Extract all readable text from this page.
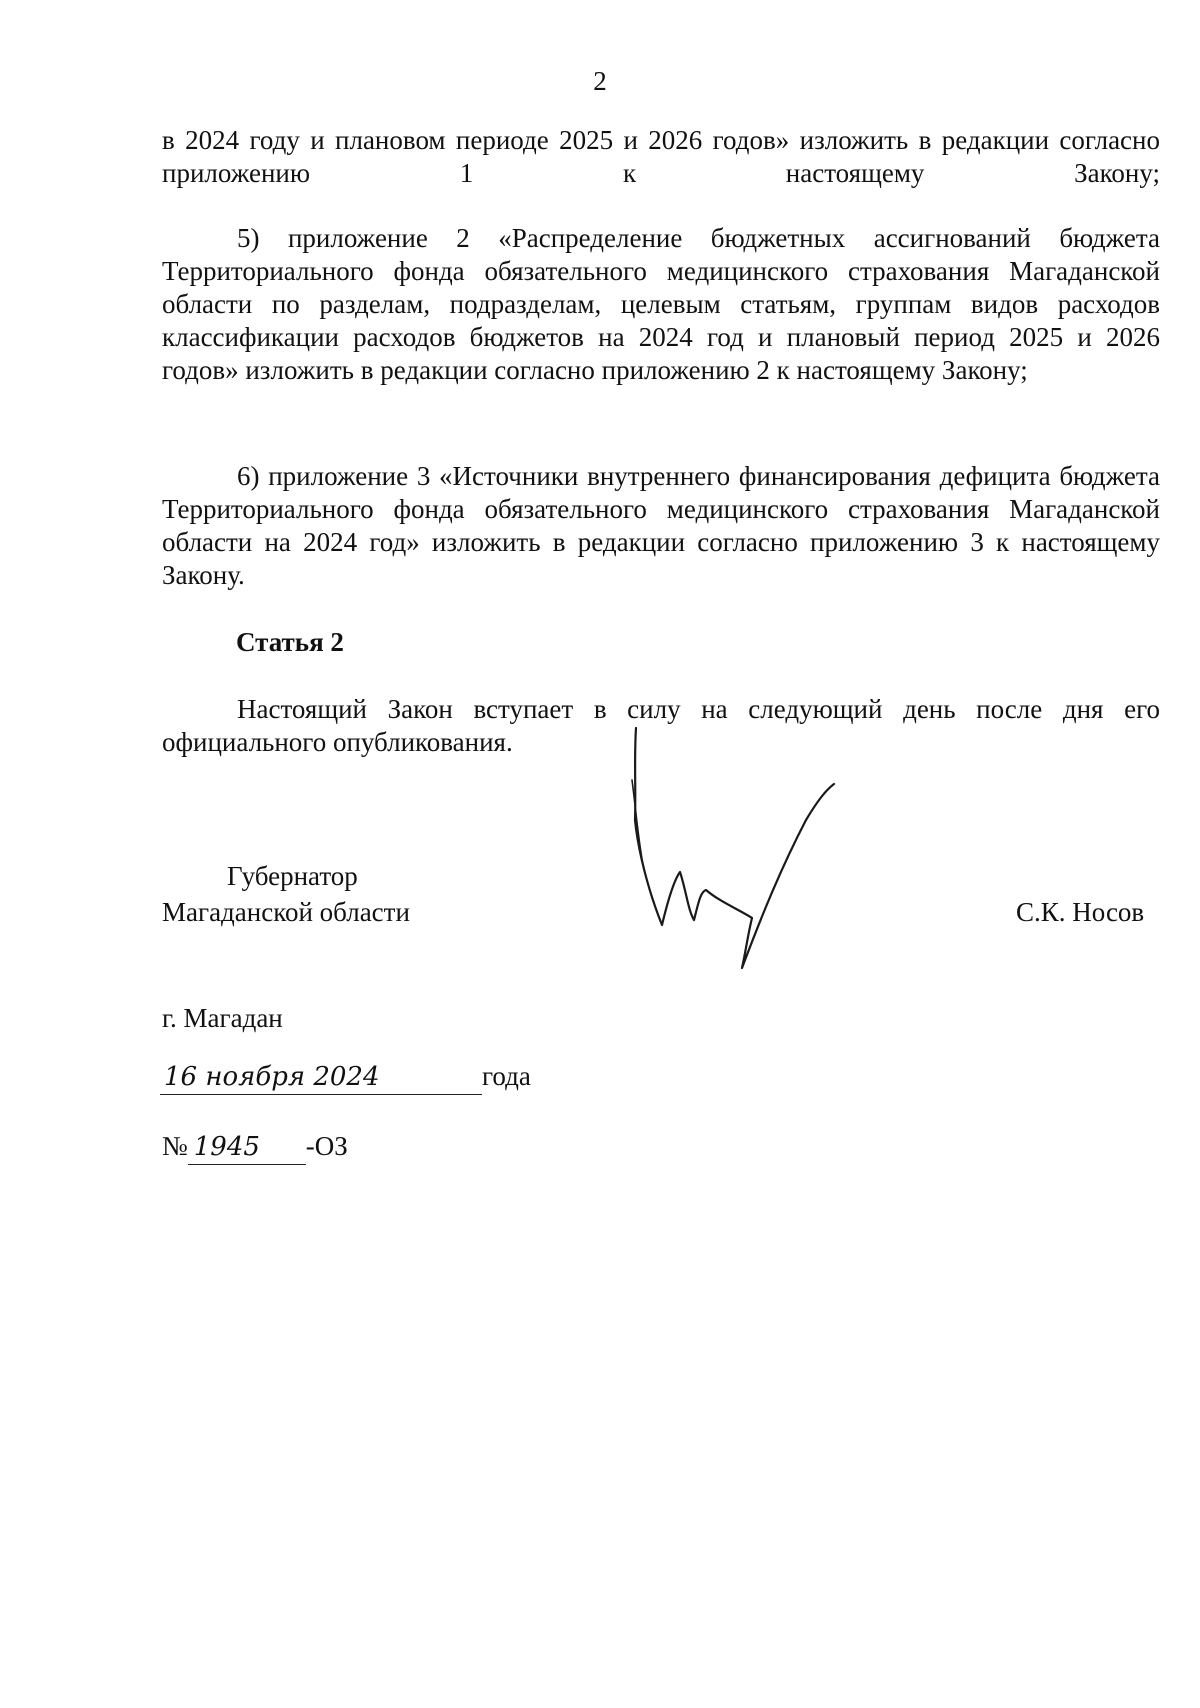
2

в 2024 году и плановом периоде 2025 и 2026 годов» изложить в редакции согласно приложению 1 к настоящему Закону;

5) приложение 2 «Распределение бюджетных ассигнований бюджета Территориального фонда обязательного медицинского страхования Магаданской области по разделам, подразделам, целевым статьям, группам видов расходов классификации расходов бюджетов на 2024 год и плановый период 2025 и 2026 годов» изложить в редакции согласно приложению 2 к настоящему Закону;

6) приложение 3 «Источники внутреннего финансирования дефицита бюджета Территориального фонда обязательного медицинского страхования Магаданской области на 2024 год» изложить в редакции согласно приложению 3 к настоящему Закону.

Статья 2

Настоящий Закон вступает в силу на следующий день после дня его официального опубликования.

Губернатор
Магаданской области	С.К. Носов
г. Магадан
16 ноября 2024	года
№ 1945 -ОЗ
